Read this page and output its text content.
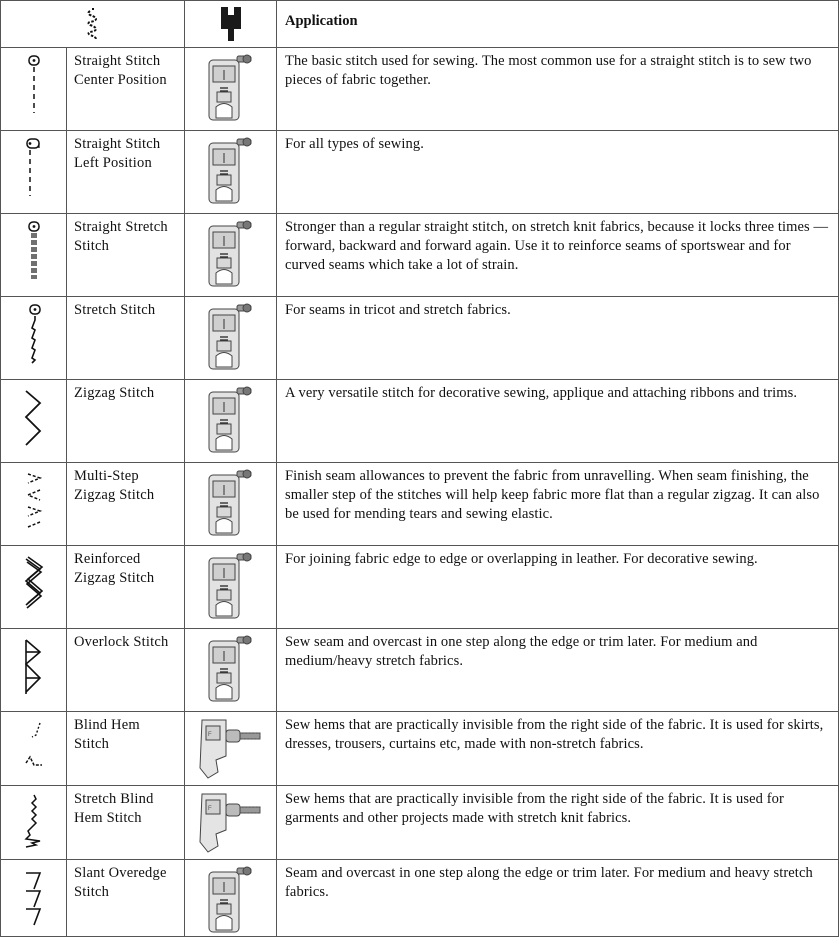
Application

Straight Stitch Center Position		The basic stitch used for sewing. The most common use for a straight stitch is to sew two pieces of fabric together.

Straight Stitch Left Position		For all types of sewing.

Straight Stretch Stitch		Stronger than a regular straight stitch, on stretch knit fabrics, because it locks three times — forward, backward and forward again. Use it to reinforce seams of sportswear and for curved seams which take a lot of strain.

Stretch Stitch		For seams in tricot and stretch fabrics.

Zigzag Stitch		A very versatile stitch for decorative sewing, applique and attaching ribbons and trims.

Multi-Step Zigzag Stitch		Finish seam allowances to prevent the fabric from unravelling. When seam finishing, the smaller step of the stitches will help keep fabric more flat than a regular zigzag. It can also be used for mending tears and sewing elastic.

Reinforced Zigzag Stitch		For joining fabric edge to edge or overlapping in leather. For decorative sewing.

Overlock Stitch		Sew seam and overcast in one step along the edge or trim later. For medium and medium/heavy stretch fabrics.

Blind Hem Stitch	F	Sew hems that are practically invisible from the right side of the fabric. It is used for skirts, dresses, trousers, curtains etc, made with non-stretch fabrics.

Stretch Blind Hem Stitch	F	Sew hems that are practically invisible from the right side of the fabric. It is used for garments and other projects made with stretch knit fabrics.

Slant Overedge Stitch		Seam and overcast in one step along the edge or trim later. For medium and heavy stretch fabrics.
